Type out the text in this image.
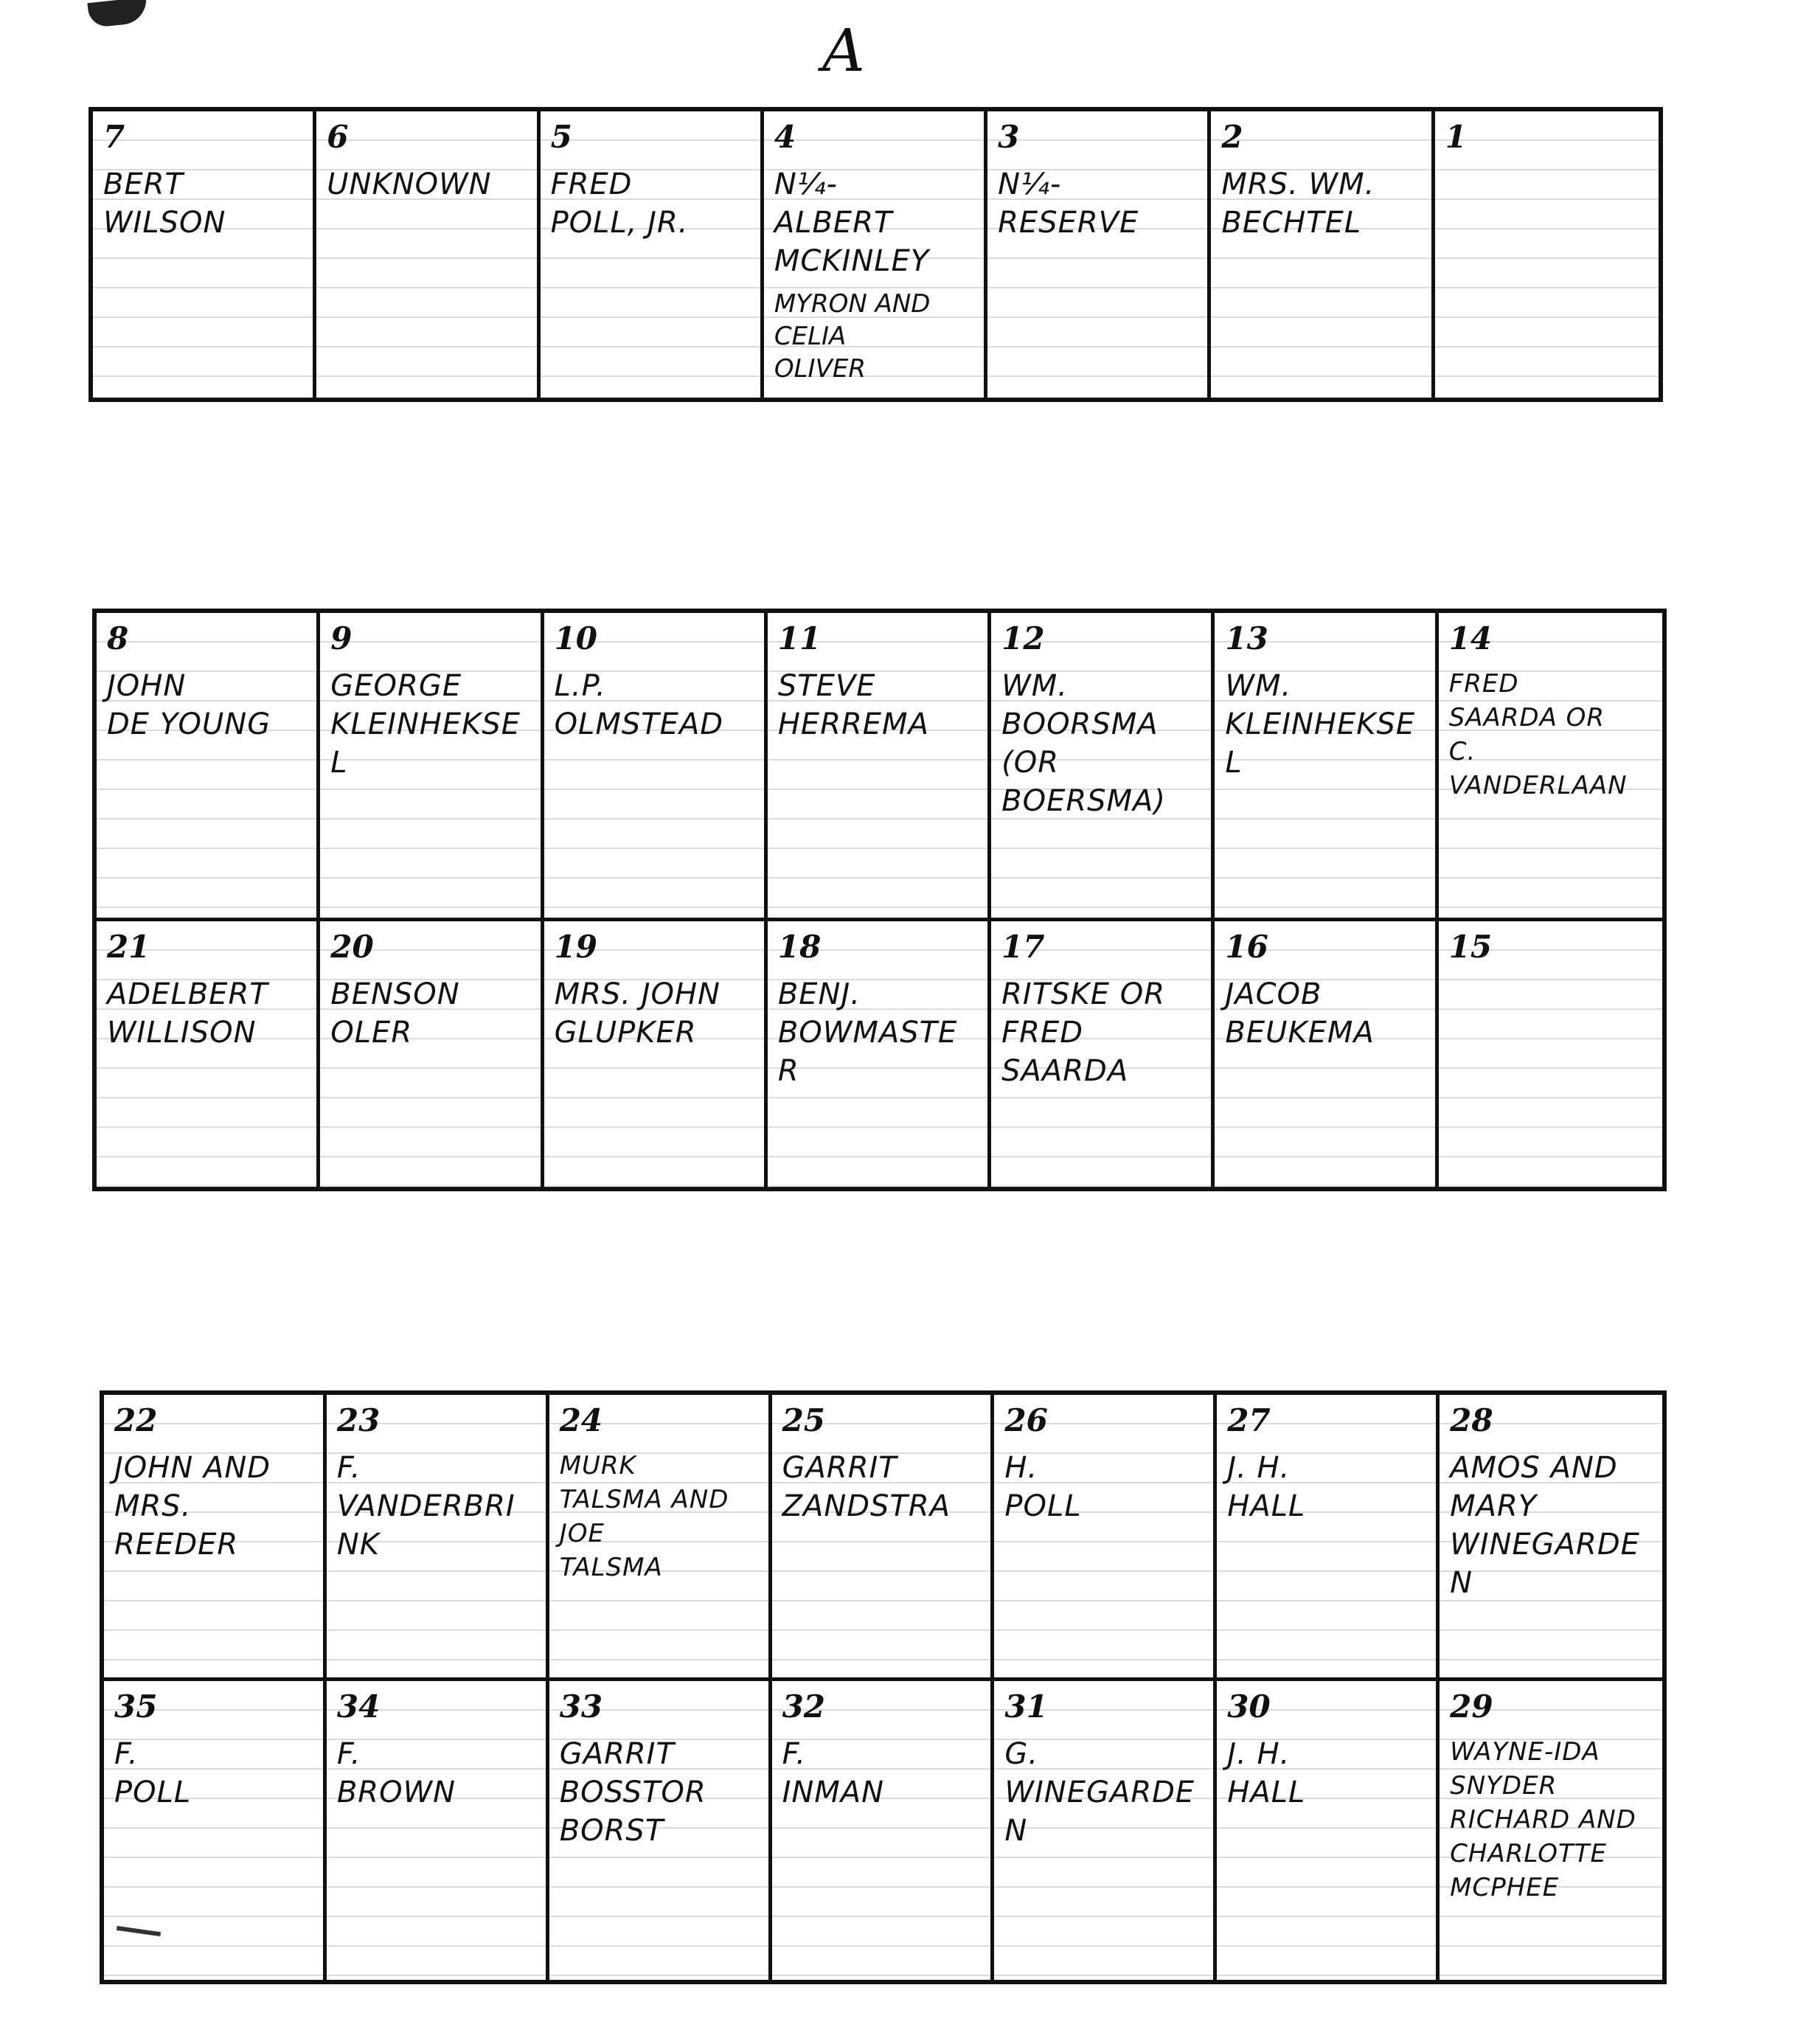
A
7
BERT
WILSON
6
UNKNOWN
5
FRED
POLL, JR.
4
N¼-
ALBERT
MCKINLEY
MYRON AND
CELIA
OLIVER
3
N¼-
RESERVE
2
MRS. WM.
BECHTEL
1
8
JOHN
DE YOUNG
9
GEORGE
KLEINHEKSEL
10
L.P.
OLMSTEAD
11
STEVE
HERREMA
12
WM.
BOORSMA
(OR BOERSMA)
13
WM.
KLEINHEKSEL
14
FRED
SAARDA OR
C.
VANDERLAAN
21
ADELBERT
WILLISON
20
BENSON
OLER
19
MRS. JOHN
GLUPKER
18
BENJ.
BOWMASTER
17
RITSKE OR
FRED
SAARDA
16
JACOB
BEUKEMA
15
22
JOHN AND
MRS.
REEDER
23
F.
VANDERBRINK
24
MURK
TALSMA AND
JOE
TALSMA
25
GARRIT
ZANDSTRA
26
H.
POLL
27
J. H.
HALL
28
AMOS AND
MARY
WINEGARDEN
35
F.
POLL
34
F.
BROWN
33
GARRIT
BOSSTOR
BORST
32
F.
INMAN
31
G.
WINEGARDEN
30
J. H.
HALL
29
WAYNE-IDA
SNYDER
RICHARD AND
CHARLOTTE
MCPHEE
